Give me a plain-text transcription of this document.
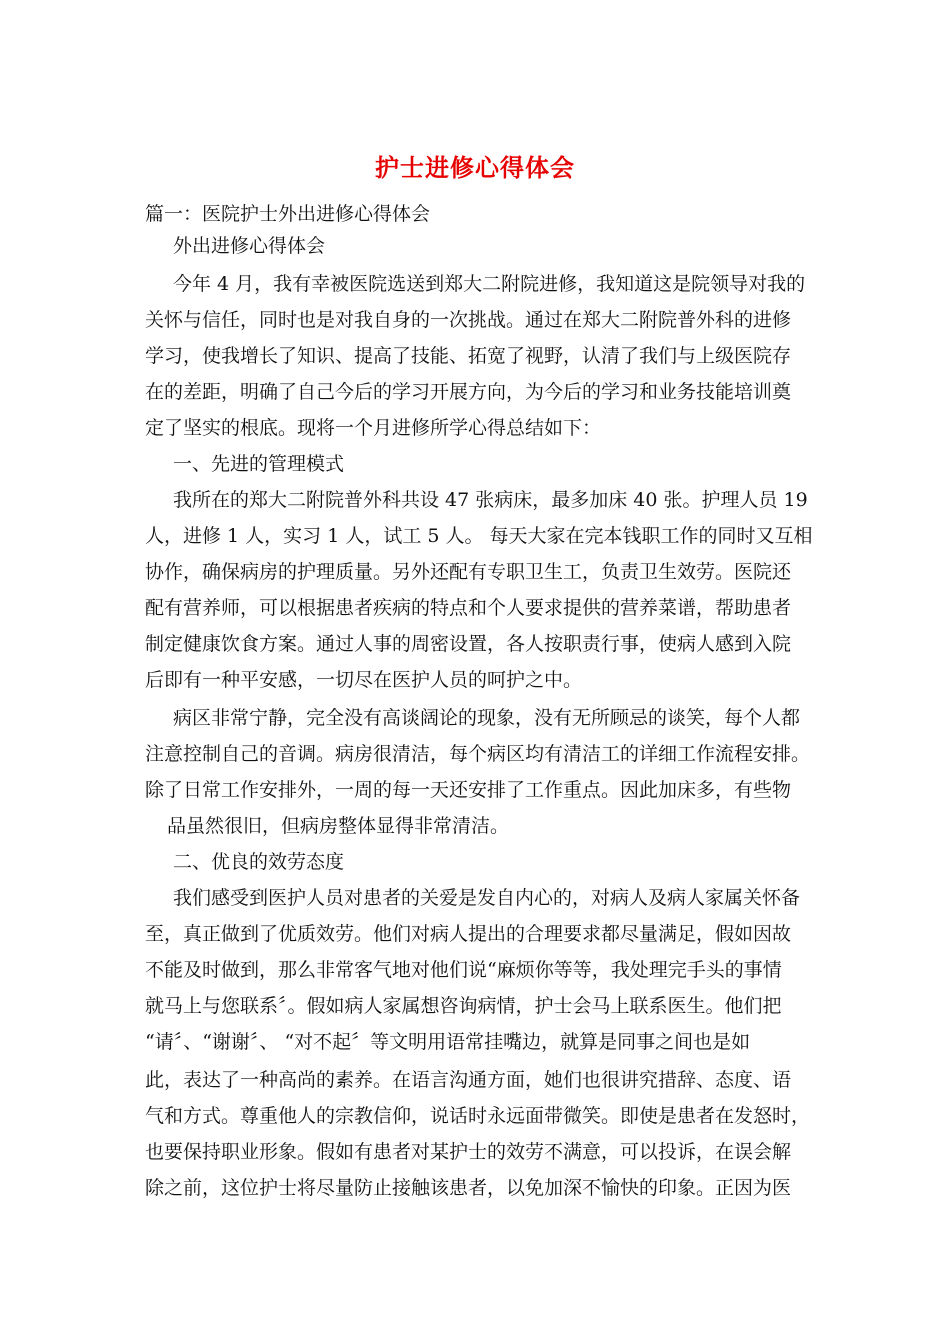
护士进修心得体会
篇一：医院护士外出进修心得体会
外出进修心得体会
今年 4 月，我有幸被医院选送到郑大二附院进修，我知道这是院领导对我的
关怀与信任，同时也是对我自身的一次挑战。通过在郑大二附院普外科的进修
学习，使我增长了知识、提高了技能、拓宽了视野，认清了我们与上级医院存
在的差距，明确了自己今后的学习开展方向，为今后的学习和业务技能培训奠
定了坚实的根底。现将一个月进修所学心得总结如下：
一、先进的管理模式
我所在的郑大二附院普外科共设 47 张病床，最多加床 40 张。护理人员 19
人，进修 1 人，实习 1 人，试工 5 人。 每天大家在完本钱职工作的同时又互相
协作，确保病房的护理质量。另外还配有专职卫生工，负责卫生效劳。医院还
配有营养师，可以根据患者疾病的特点和个人要求提供的营养菜谱，帮助患者
制定健康饮食方案。通过人事的周密设置，各人按职责行事，使病人感到入院
后即有一种平安感，一切尽在医护人员的呵护之中。
病区非常宁静，完全没有高谈阔论的现象，没有无所顾忌的谈笑，每个人都
注意控制自己的音调。病房很清洁，每个病区均有清洁工的详细工作流程安排。
除了日常工作安排外，一周的每一天还安排了工作重点。因此加床多，有些物
品虽然很旧，但病房整体显得非常清洁。
二、优良的效劳态度
我们感受到医护人员对患者的关爱是发自内心的，对病人及病人家属关怀备
至，真正做到了优质效劳。他们对病人提出的合理要求都尽量满足，假如因故
不能及时做到，那么非常客气地对他们说“麻烦你等等，我处理完手头的事情
就马上与您联系〞。假如病人家属想咨询病情，护士会马上联系医生。他们把
“请〞、“谢谢〞、 “对不起〞等文明用语常挂嘴边，就算是同事之间也是如
此，表达了一种高尚的素养。在语言沟通方面，她们也很讲究措辞、态度、语
气和方式。尊重他人的宗教信仰，说话时永远面带微笑。即使是患者在发怒时，
也要保持职业形象。假如有患者对某护士的效劳不满意，可以投诉，在误会解
除之前，这位护士将尽量防止接触该患者，以免加深不愉快的印象。正因为医
